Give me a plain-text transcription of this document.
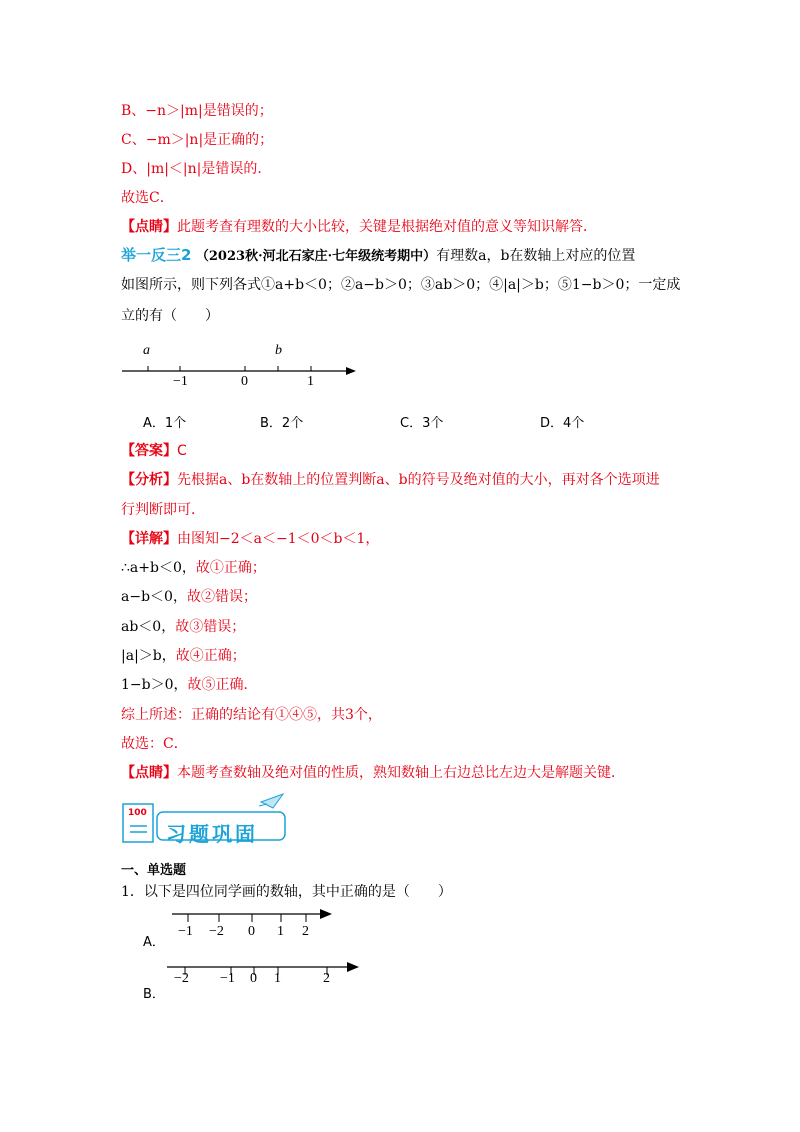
B、−n＞|m|是错误的；
C、−m＞|n|是正确的；
D、|m|＜|n|是错误的．
故选C．
【点睛】此题考查有理数的大小比较，关键是根据绝对值的意义等知识解答．
举一反三2 （2023秋·河北石家庄·七年级统考期中）有理数a，b在数轴上对应的位置
如图所示，则下列各式①a+b＜0；②a−b＞0；③ab＞0；④|a|＞b；⑤1−b＞0；一定成
立的有（　　）
a	b
−1	0	1
A．1个	B．2个	C．3个	D．4个
【答案】C
【分析】先根据a、b在数轴上的位置判断a、b的符号及绝对值的大小，再对各个选项进
行判断即可．
【详解】由图知−2＜a＜−1＜0＜b＜1，
∴a+b＜0，故①正确；
a−b＜0，故②错误；
ab＜0，故③错误；
|a|＞b，故④正确；
1−b＞0，故⑤正确．
综上所述：正确的结论有①④⑤，共3个，
故选：C．
【点睛】本题考查数轴及绝对值的性质，熟知数轴上右边总比左边大是解题关键．
100
习题巩固
一、单选题
1．以下是四位同学画的数轴，其中正确的是（　　）
A．
−1 −2 0 1 2
B．
−2 −1 0 1	2
